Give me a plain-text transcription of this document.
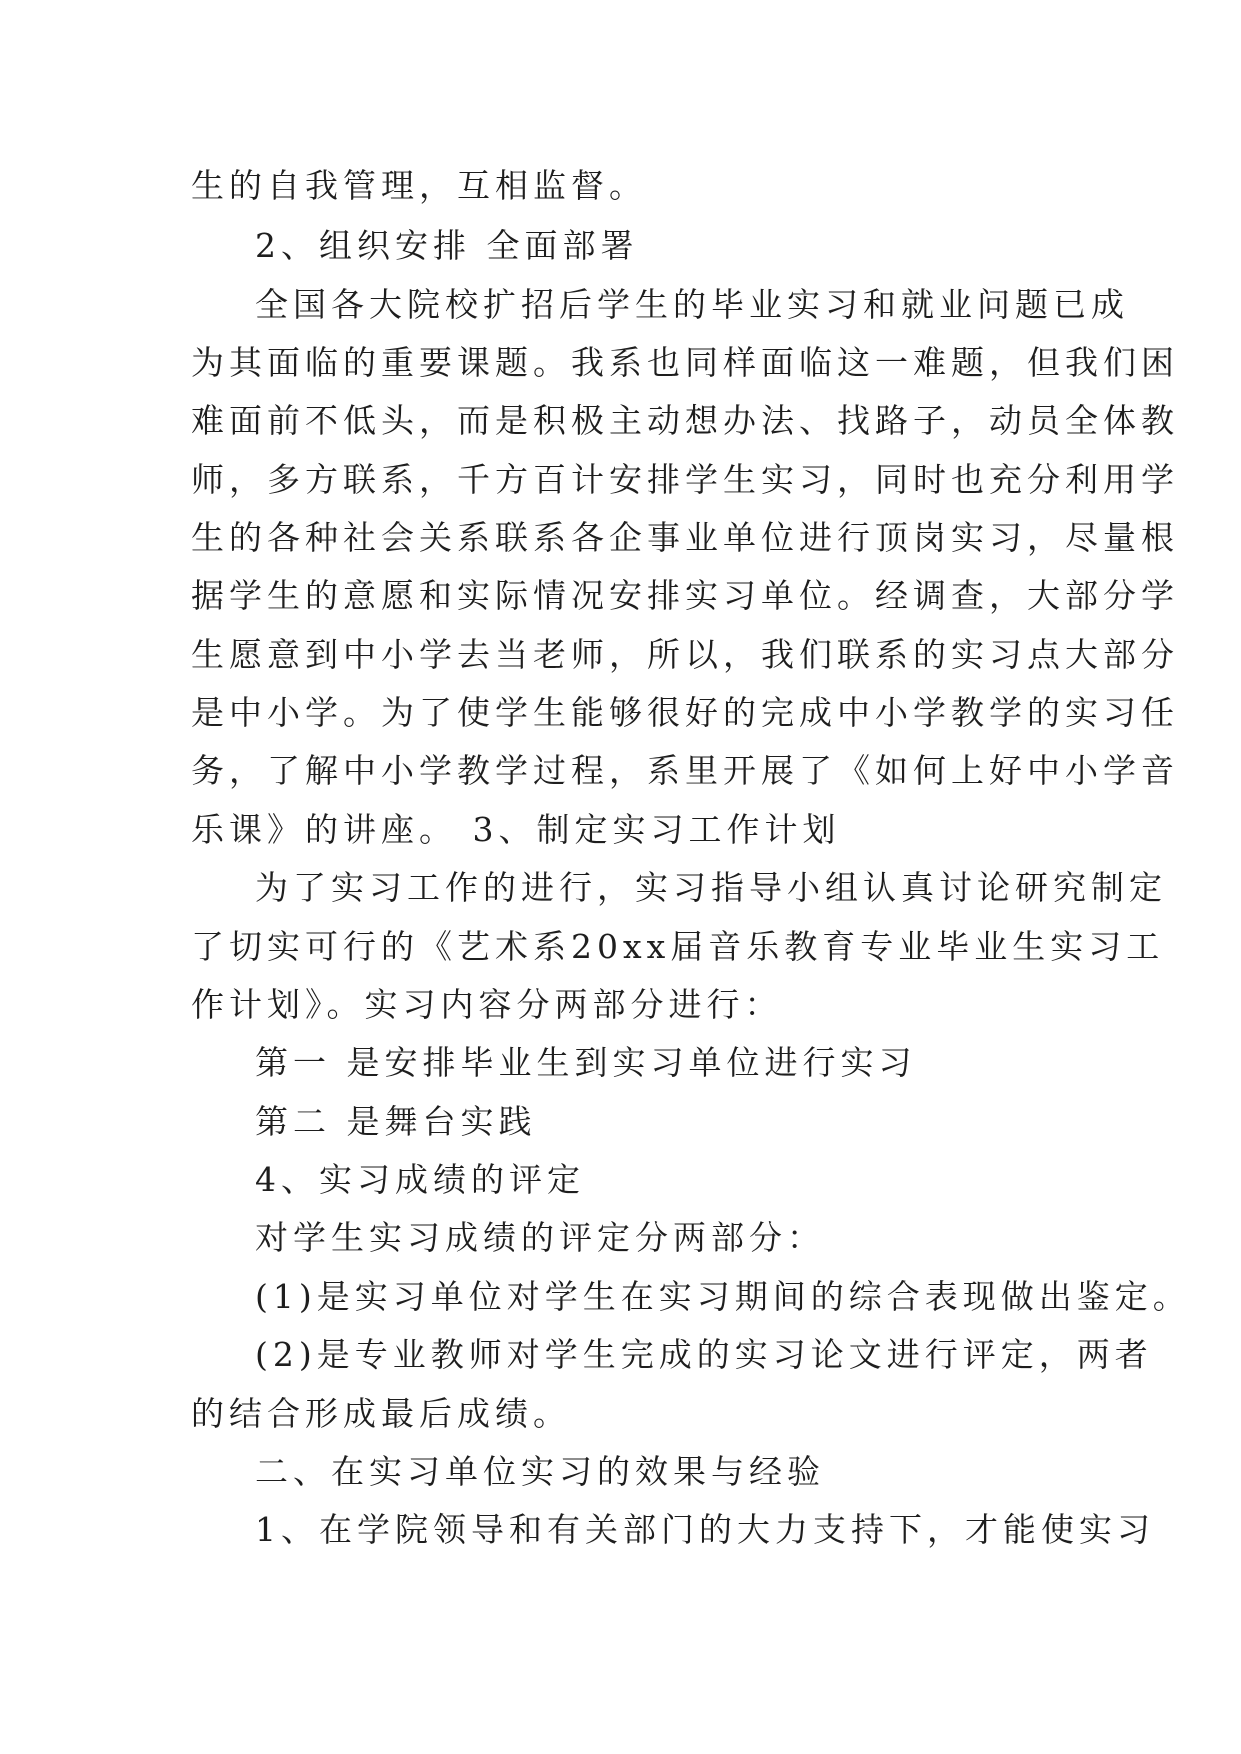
生的自我管理，互相监督。
2、组织安排 全面部署
全国各大院校扩招后学生的毕业实习和就业问题已成
为其面临的重要课题。我系也同样面临这一难题，但我们困
难面前不低头，而是积极主动想办法、找路子，动员全体教
师，多方联系，千方百计安排学生实习，同时也充分利用学
生的各种社会关系联系各企事业单位进行顶岗实习，尽量根
据学生的意愿和实际情况安排实习单位。经调查，大部分学
生愿意到中小学去当老师，所以，我们联系的实习点大部分
是中小学。为了使学生能够很好的完成中小学教学的实习任
务，了解中小学教学过程，系里开展了《如何上好中小学音
乐课》的讲座。 3、制定实习工作计划
为了实习工作的进行，实习指导小组认真讨论研究制定
了切实可行的《艺术系20xx届音乐教育专业毕业生实习工
作计划》。实习内容分两部分进行：
第一 是安排毕业生到实习单位进行实习
第二 是舞台实践
4、实习成绩的评定
对学生实习成绩的评定分两部分：
(1)是实习单位对学生在实习期间的综合表现做出鉴定。
(2)是专业教师对学生完成的实习论文进行评定，两者
的结合形成最后成绩。
二、在实习单位实习的效果与经验
1、在学院领导和有关部门的大力支持下，才能使实习
